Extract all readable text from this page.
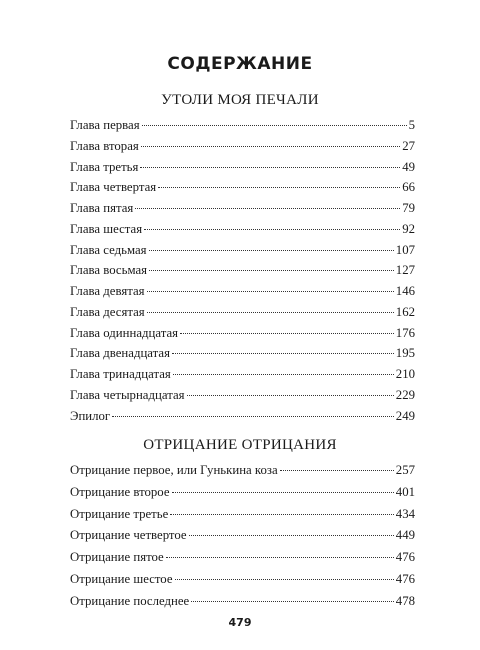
СОДЕРЖАНИЕ
УТОЛИ МОЯ ПЕЧАЛИ
Глава первая	5
Глава вторая	27
Глава третья	49
Глава четвертая	66
Глава пятая	79
Глава шестая	92
Глава седьмая	107
Глава восьмая	127
Глава девятая	146
Глава десятая	162
Глава одиннадцатая	176
Глава двенадцатая	195
Глава тринадцатая	210
Глава четырнадцатая	229
Эпилог	249
ОТРИЦАНИЕ ОТРИЦАНИЯ
Отрицание первое, или Гунькина коза	257
Отрицание второе	401
Отрицание третье	434
Отрицание четвертое	449
Отрицание пятое	476
Отрицание шестое	476
Отрицание последнее	478
479
